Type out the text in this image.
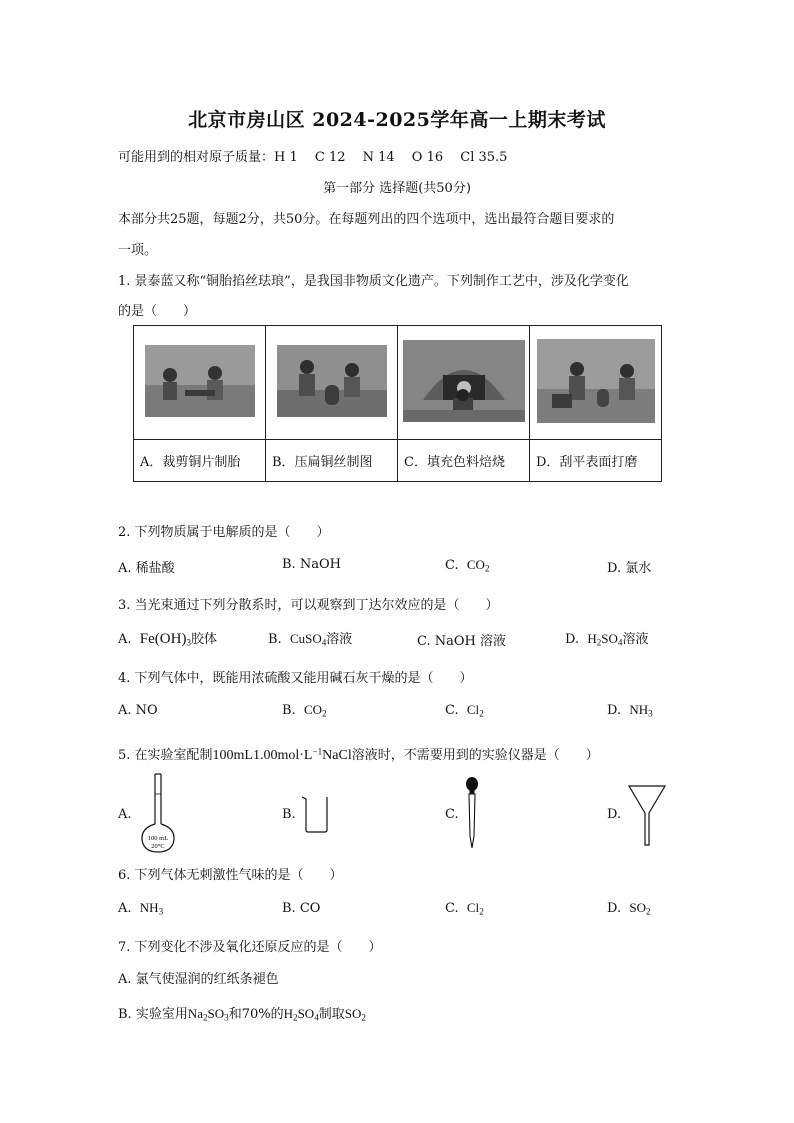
北京市房山区 2024-2025学年高一上期末考试
可能用到的相对原子质量：H 1　 C 12　 N 14　 O 16　 Cl 35.5
第一部分 选择题(共50分)
本部分共25题，每题2分，共50分。在每题列出的四个选项中，选出最符合题目要求的
一项。
1. 景泰蓝又称“铜胎掐丝珐琅”，是我国非物质文化遗产。下列制作工艺中，涉及化学变化
的是（　　）

A．裁剪铜片制胎	B．压扁铜丝制图	C．填充色料焙烧	D．刮平表面打磨
2. 下列物质属于电解质的是（　　）
A. 稀盐酸	B. NaOH	C. $CO_2$	D. 氯水
3. 当光束通过下列分散系时，可以观察到丁达尔效应的是（　　）
A. $Fe(OH)_3$胶体	B. CuSO$_4$溶液	C. NaOH 溶液	D. $H_2SO_4$溶液
4. 下列气体中，既能用浓硫酸又能用碱石灰干燥的是（　　）
A. NO	B. $CO_2$	C. $Cl_2$	D. $NH_3$
5. 在实验室配制$100mL1.00mol\cdot L^{-1}NaCl$溶液时，不需要用到的实验仪器是（　　）
A.
100 mL
20°C
B.	C.	D.
6. 下列气体无刺激性气味的是（　　）
A. $NH_3$	B. CO	C. $Cl_2$	D. $SO_2$
7. 下列变化不涉及氧化还原反应的是（　　）
A. 氯气使湿润的红纸条褪色
B. 实验室用$Na_2SO_3$和70%的$H_2SO_4$制取$SO_2$
